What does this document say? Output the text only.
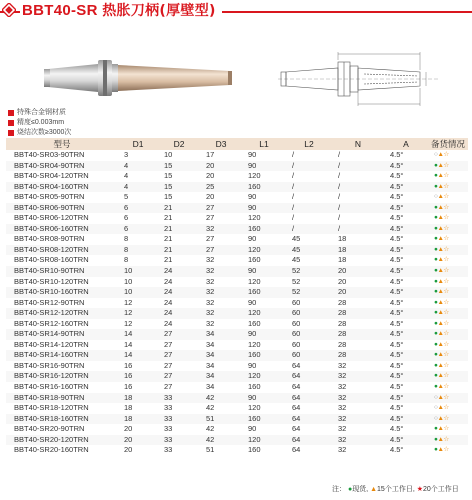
BBT40-SR 热胀刀柄(厚壁型)
特殊合金钢材质
精度≤0.003mm
烧结次数≥3000次
型号	D1	D2	D3	L1	L2	N	A	备货情况
BBT40-SR03-90TRN	3	10	17	90	/	/	4.5°	○▲☆
BBT40-SR04-90TRN	4	15	20	90	/	/	4.5°	●▲☆
BBT40-SR04-120TRN	4	15	20	120	/	/	4.5°	●▲☆
BBT40-SR04-160TRN	4	15	25	160	/	/	4.5°	●▲☆
BBT40-SR05-90TRN	5	15	20	90	/	/	4.5°	○▲☆
BBT40-SR06-90TRN	6	21	27	90	/	/	4.5°	●▲☆
BBT40-SR06-120TRN	6	21	27	120	/	/	4.5°	●▲☆
BBT40-SR06-160TRN	6	21	32	160	/	/	4.5°	●▲☆
BBT40-SR08-90TRN	8	21	27	90	45	18	4.5°	●▲☆
BBT40-SR08-120TRN	8	21	27	120	45	18	4.5°	●▲☆
BBT40-SR08-160TRN	8	21	32	160	45	18	4.5°	●▲☆
BBT40-SR10-90TRN	10	24	32	90	52	20	4.5°	●▲☆
BBT40-SR10-120TRN	10	24	32	120	52	20	4.5°	●▲☆
BBT40-SR10-160TRN	10	24	32	160	52	20	4.5°	●▲☆
BBT40-SR12-90TRN	12	24	32	90	60	28	4.5°	●▲☆
BBT40-SR12-120TRN	12	24	32	120	60	28	4.5°	●▲☆
BBT40-SR12-160TRN	12	24	32	160	60	28	4.5°	●▲☆
BBT40-SR14-90TRN	14	27	34	90	60	28	4.5°	●▲☆
BBT40-SR14-120TRN	14	27	34	120	60	28	4.5°	●▲☆
BBT40-SR14-160TRN	14	27	34	160	60	28	4.5°	●▲☆
BBT40-SR16-90TRN	16	27	34	90	64	32	4.5°	●▲☆
BBT40-SR16-120TRN	16	27	34	120	64	32	4.5°	●▲☆
BBT40-SR16-160TRN	16	27	34	160	64	32	4.5°	●▲☆
BBT40-SR18-90TRN	18	33	42	90	64	32	4.5°	○▲☆
BBT40-SR18-120TRN	18	33	42	120	64	32	4.5°	○▲☆
BBT40-SR18-160TRN	18	33	51	160	64	32	4.5°	○▲☆
BBT40-SR20-90TRN	20	33	42	90	64	32	4.5°	●▲☆
BBT40-SR20-120TRN	20	33	42	120	64	32	4.5°	●▲☆
BBT40-SR20-160TRN	20	33	51	160	64	32	4.5°	●▲☆
注： ●现货, ▲15个工作日, ★20个工作日
